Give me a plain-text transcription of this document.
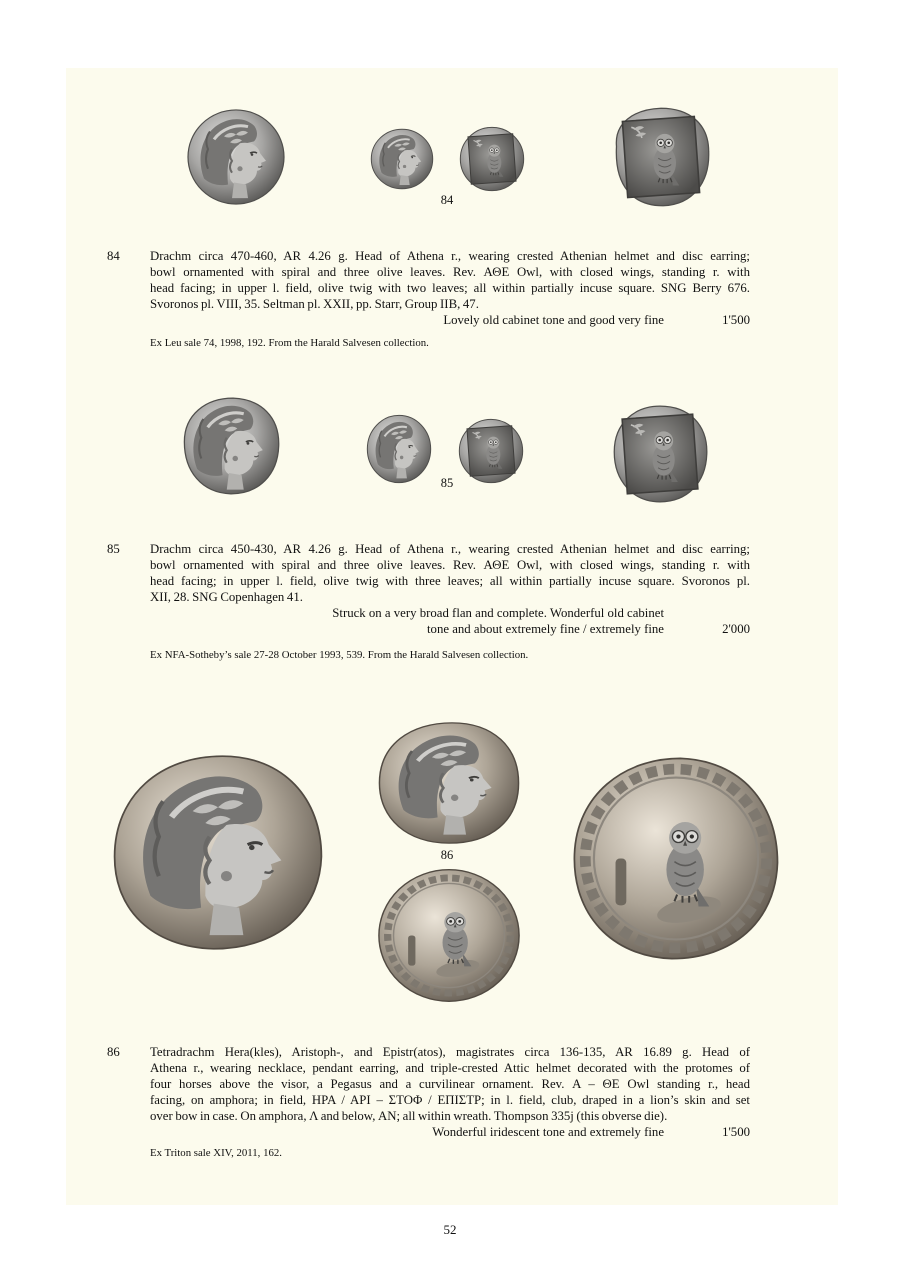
84
84 Drachm circa 470-460, AR 4.26 g. Head of Athena r., wearing crested Athenian helmet and disc earring;
bowl ornamented with spiral and three olive leaves. Rev. ΑΘΕ Owl, with closed wings, standing r. with
head facing; in upper l. field, olive twig with two leaves; all within partially incuse square. SNG Berry 676.
Svoronos pl. VIII, 35. Seltman pl. XXII, pp. Starr, Group IIB, 47.
Lovely old cabinet tone and good very fine	1'500
Ex Leu sale 74, 1998, 192. From the Harald Salvesen collection.
85
85 Drachm circa 450-430, AR 4.26 g. Head of Athena r., wearing crested Athenian helmet and disc earring;
bowl ornamented with spiral and three olive leaves. Rev. ΑΘΕ Owl, with closed wings, standing r. with
head facing; in upper l. field, olive twig with three leaves; all within partially incuse square. Svoronos pl.
XII, 28. SNG Copenhagen 41.
Struck on a very broad flan and complete. Wonderful old cabinet
tone and about extremely fine / extremely fine	2'000
Ex NFA-Sotheby’s sale 27-28 October 1993, 539. From the Harald Salvesen collection.
86
86 Tetradrachm Hera(kles), Aristoph-, and Epistr(atos), magistrates circa 136-135, AR 16.89 g. Head of
Athena r., wearing necklace, pendant earring, and triple-crested Attic helmet decorated with the protomes of
four horses above the visor, a Pegasus and a curvilinear ornament. Rev. Α – ΘΕ Owl standing r., head
facing, on amphora; in field, ΗΡΑ / ΑΡΙ – ΣΤΟΦ / ΕΠΙΣΤΡ; in l. field, club, draped in a lion’s skin and set
over bow in case. On amphora, Λ and below, ΑΝ; all within wreath. Thompson 335j (this obverse die).
Wonderful iridescent tone and extremely fine	1'500
Ex Triton sale XIV, 2011, 162.
52
